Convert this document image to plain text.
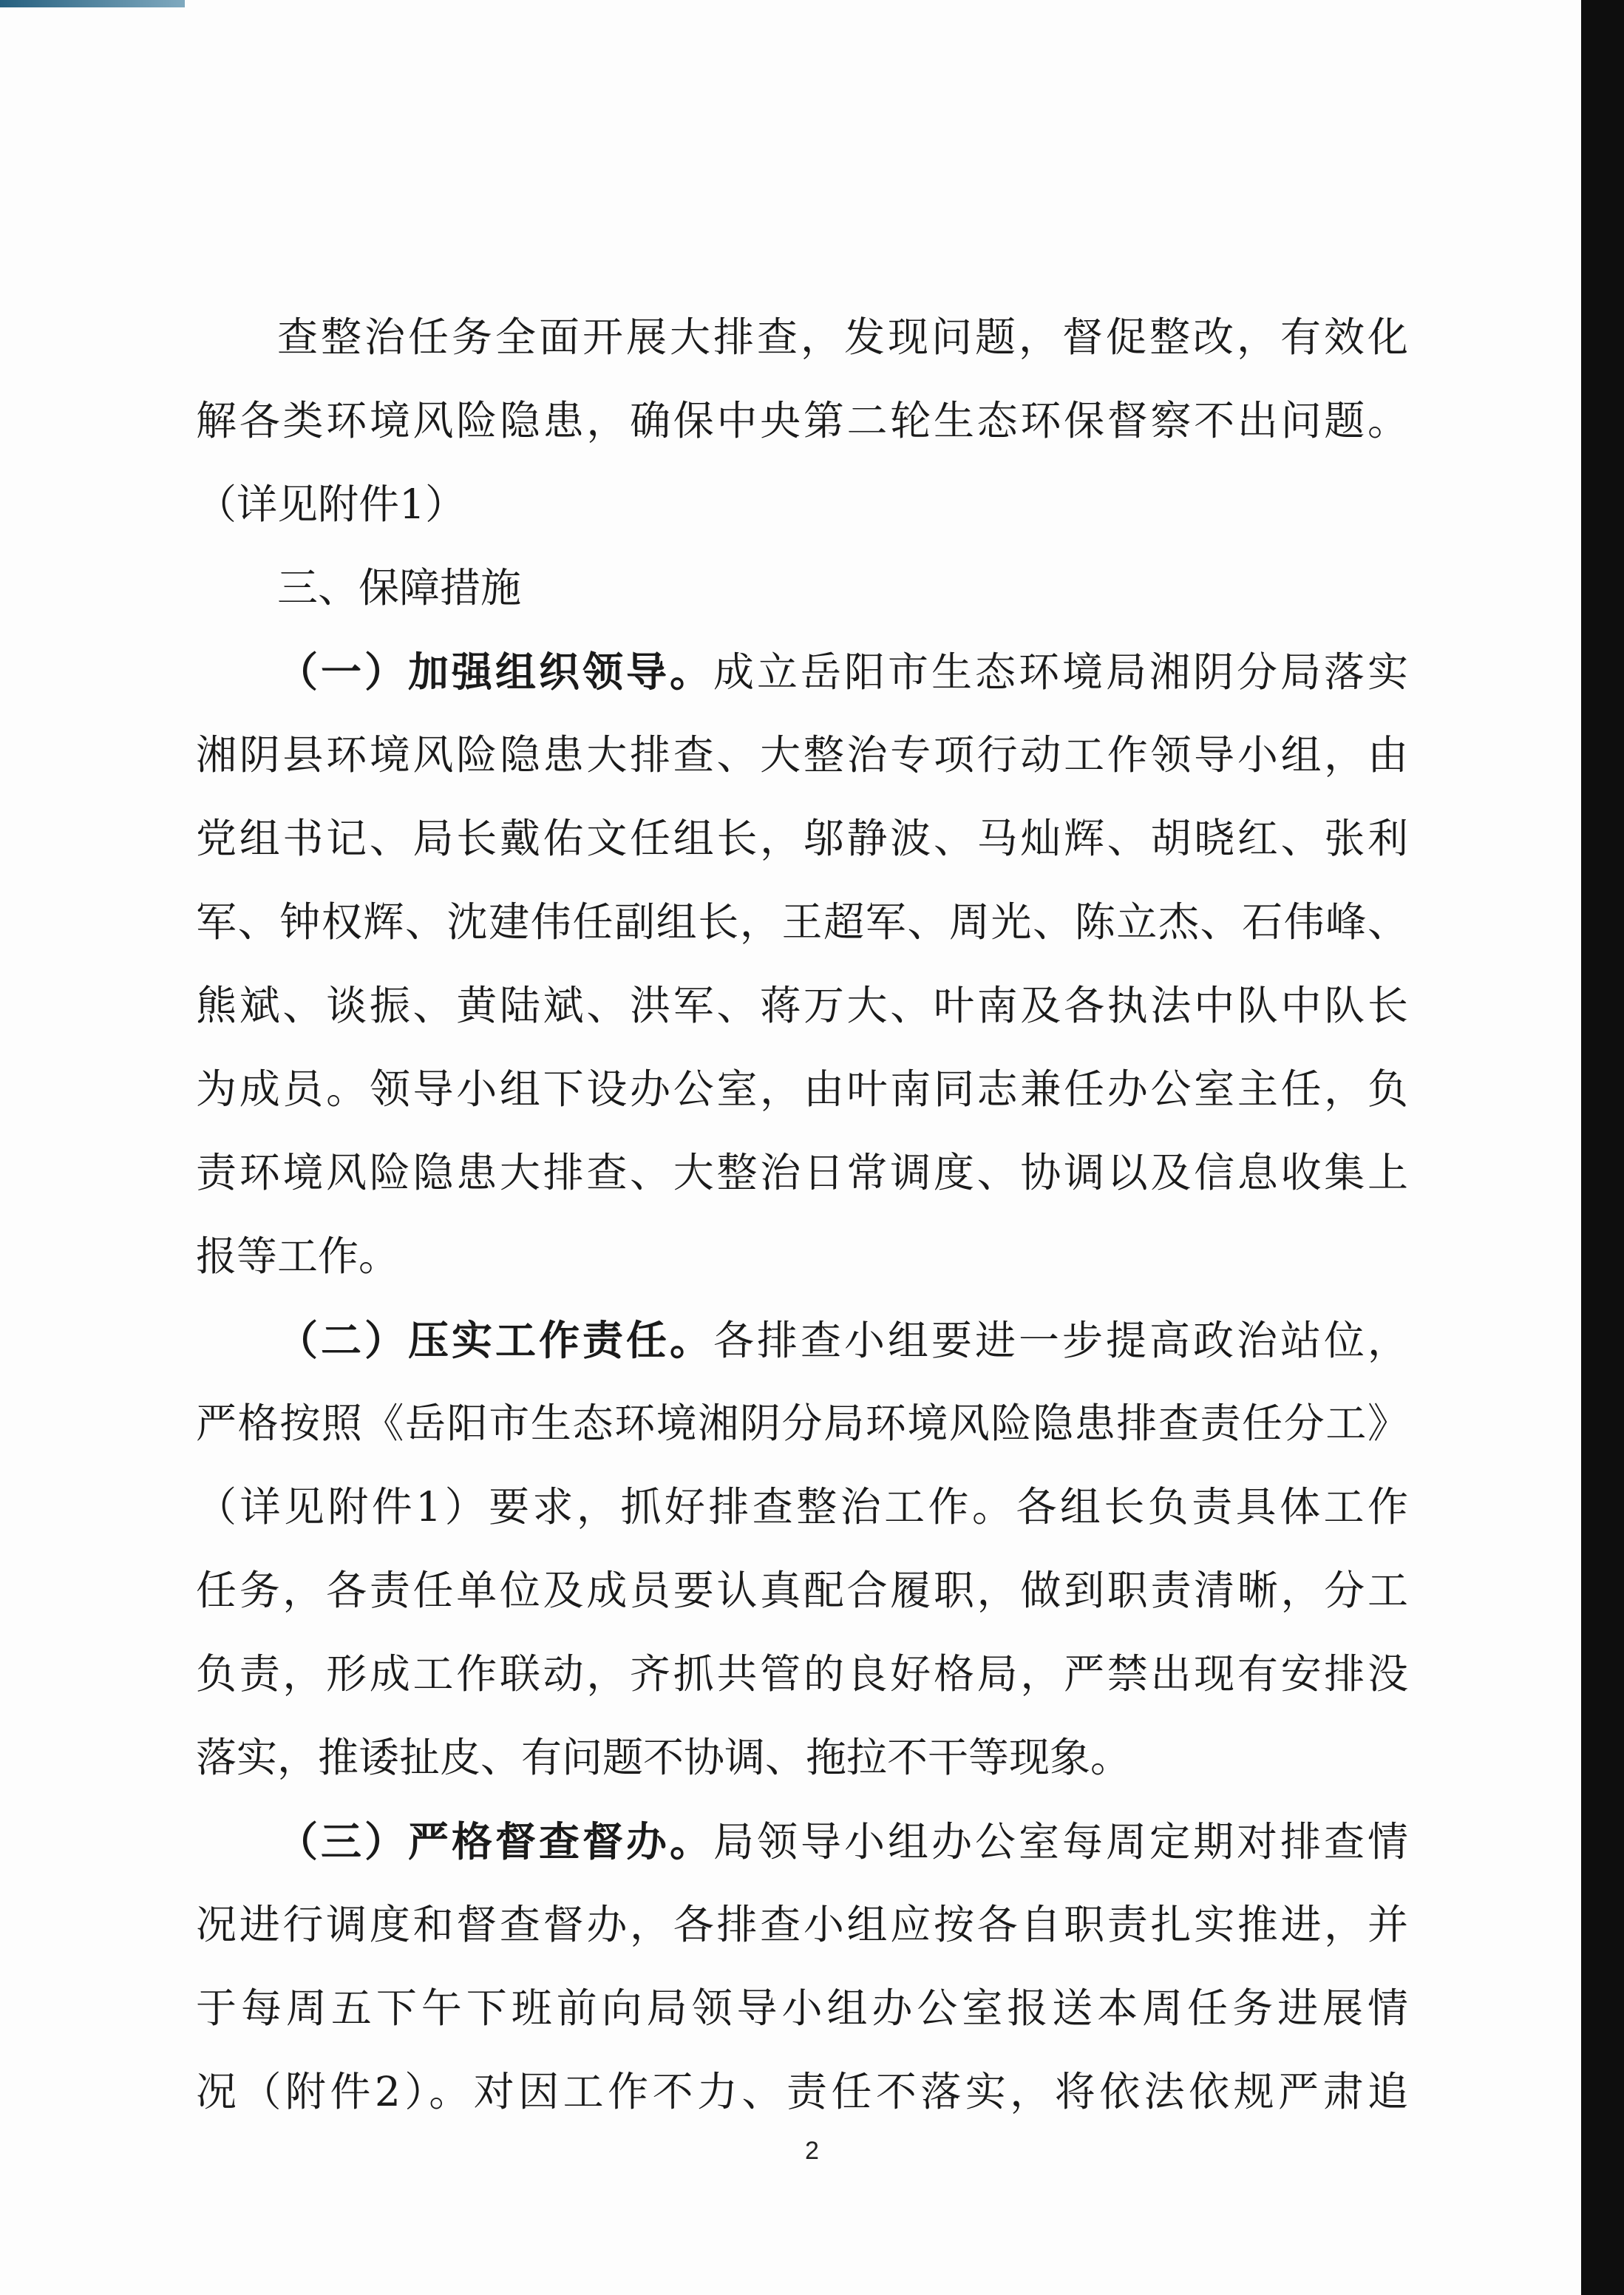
查整治任务全面开展大排查，发现问题，督促整改，有效化
解各类环境风险隐患，确保中央第二轮生态环保督察不出问题。
（详见附件1）
三、保障措施
（一）加强组织领导。成立岳阳市生态环境局湘阴分局落实
湘阴县环境风险隐患大排查、大整治专项行动工作领导小组，由
党组书记、局长戴佑文任组长，邬静波、马灿辉、胡晓红、张利
军、钟权辉、沈建伟任副组长，王超军、周光、陈立杰、石伟峰、
熊斌、谈振、黄陆斌、洪军、蒋万大、叶南及各执法中队中队长
为成员。领导小组下设办公室，由叶南同志兼任办公室主任，负
责环境风险隐患大排查、大整治日常调度、协调以及信息收集上
报等工作。
（二）压实工作责任。各排查小组要进一步提高政治站位，
严格按照《岳阳市生态环境湘阴分局环境风险隐患排查责任分工》
（详见附件1）要求，抓好排查整治工作。各组长负责具体工作
任务，各责任单位及成员要认真配合履职，做到职责清晰，分工
负责，形成工作联动，齐抓共管的良好格局，严禁出现有安排没
落实，推诿扯皮、有问题不协调、拖拉不干等现象。
（三）严格督查督办。局领导小组办公室每周定期对排查情
况进行调度和督查督办，各排查小组应按各自职责扎实推进，并
于每周五下午下班前向局领导小组办公室报送本周任务进展情
况（附件2）。对因工作不力、责任不落实，将依法依规严肃追
2
